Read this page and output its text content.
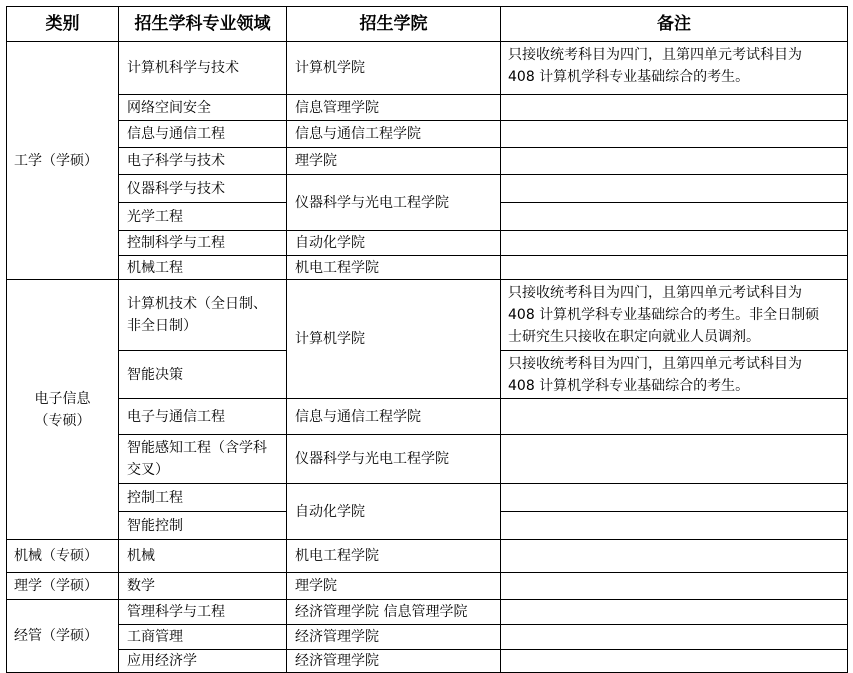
类别	招生学科专业领域	招生学院	备注
工学（学硕）	计算机科学与技术	计算机学院	只接收统考科目为四门，且第四单元考试科目为
408 计算机学科专业基础综合的考生。

	网络空间安全	信息管理学院	
	信息与通信工程	信息与通信工程学院	
	电子科学与技术	理学院	
	仪器科学与技术	仪器科学与光电工程学院	
	光学工程		
	控制科学与工程	自动化学院	
	机械工程	机电工程学院	

电子信息
（专硕）	计算机技术（全日制、
非全日制）	计算机学院	只接收统考科目为四门，且第四单元考试科目为
408 计算机学科专业基础综合的考生。非全日制硕
士研究生只接收在职定向就业人员调剂。

	智能决策		只接收统考科目为四门，且第四单元考试科目为
408 计算机学科专业基础综合的考生。

	电子与通信工程	信息与通信工程学院	

	智能感知工程（含学科
交叉）	仪器科学与光电工程学院	
	控制工程	自动化学院	
	智能控制		
机械（专硕）	机械	机电工程学院	
理学（学硕）	数学	理学院	
经管（学硕）	管理科学与工程	经济管理学院 信息管理学院	
	工商管理	经济管理学院	
	应用经济学	经济管理学院	
